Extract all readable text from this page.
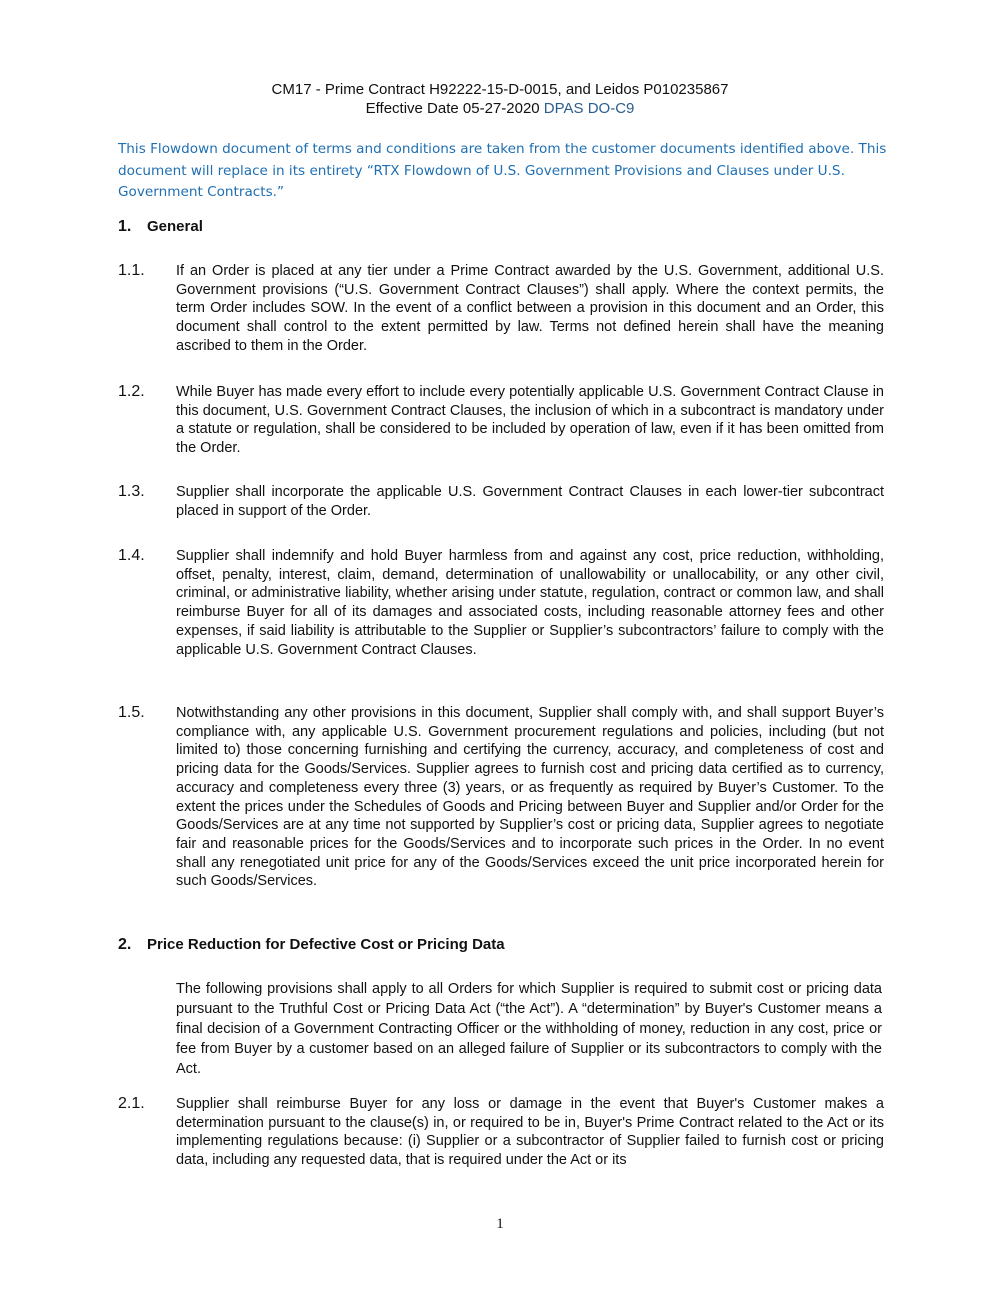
CM17 - Prime Contract H92222-15-D-0015, and Leidos P010235867
Effective Date 05-27-2020 DPAS DO-C9
This Flowdown document of terms and conditions are taken from the customer documents identified above. This document will replace in its entirety “RTX Flowdown of U.S. Government Provisions and Clauses under U.S. Government Contracts.”
1. General
1.1. If an Order is placed at any tier under a Prime Contract awarded by the U.S. Government, additional U.S. Government provisions (“U.S. Government Contract Clauses”) shall apply. Where the context permits, the term Order includes SOW. In the event of a conflict between a provision in this document and an Order, this document shall control to the extent permitted by law. Terms not defined herein shall have the meaning ascribed to them in the Order.
1.2. While Buyer has made every effort to include every potentially applicable U.S. Government Contract Clause in this document, U.S. Government Contract Clauses, the inclusion of which in a subcontract is mandatory under a statute or regulation, shall be considered to be included by operation of law, even if it has been omitted from the Order.
1.3. Supplier shall incorporate the applicable U.S. Government Contract Clauses in each lower-tier subcontract placed in support of the Order.
1.4. Supplier shall indemnify and hold Buyer harmless from and against any cost, price reduction, withholding, offset, penalty, interest, claim, demand, determination of unallowability or unallocability, or any other civil, criminal, or administrative liability, whether arising under statute, regulation, contract or common law, and shall reimburse Buyer for all of its damages and associated costs, including reasonable attorney fees and other expenses, if said liability is attributable to the Supplier or Supplier’s subcontractors’ failure to comply with the applicable U.S. Government Contract Clauses.
1.5. Notwithstanding any other provisions in this document, Supplier shall comply with, and shall support Buyer’s compliance with, any applicable U.S. Government procurement regulations and policies, including (but not limited to) those concerning furnishing and certifying the currency, accuracy, and completeness of cost and pricing data for the Goods/Services. Supplier agrees to furnish cost and pricing data certified as to currency, accuracy and completeness every three (3) years, or as frequently as required by Buyer’s Customer. To the extent the prices under the Schedules of Goods and Pricing between Buyer and Supplier and/or Order for the Goods/Services are at any time not supported by Supplier’s cost or pricing data, Supplier agrees to negotiate fair and reasonable prices for the Goods/Services and to incorporate such prices in the Order. In no event shall any renegotiated unit price for any of the Goods/Services exceed the unit price incorporated herein for such Goods/Services.
2. Price Reduction for Defective Cost or Pricing Data
The following provisions shall apply to all Orders for which Supplier is required to submit cost or pricing data pursuant to the Truthful Cost or Pricing Data Act (“the Act”). A “determination” by Buyer's Customer means a final decision of a Government Contracting Officer or the withholding of money, reduction in any cost, price or fee from Buyer by a customer based on an alleged failure of Supplier or its subcontractors to comply with the Act.
2.1. Supplier shall reimburse Buyer for any loss or damage in the event that Buyer's Customer makes a determination pursuant to the clause(s) in, or required to be in, Buyer's Prime Contract related to the Act or its implementing regulations because: (i) Supplier or a subcontractor of Supplier failed to furnish cost or pricing data, including any requested data, that is required under the Act or its
1
